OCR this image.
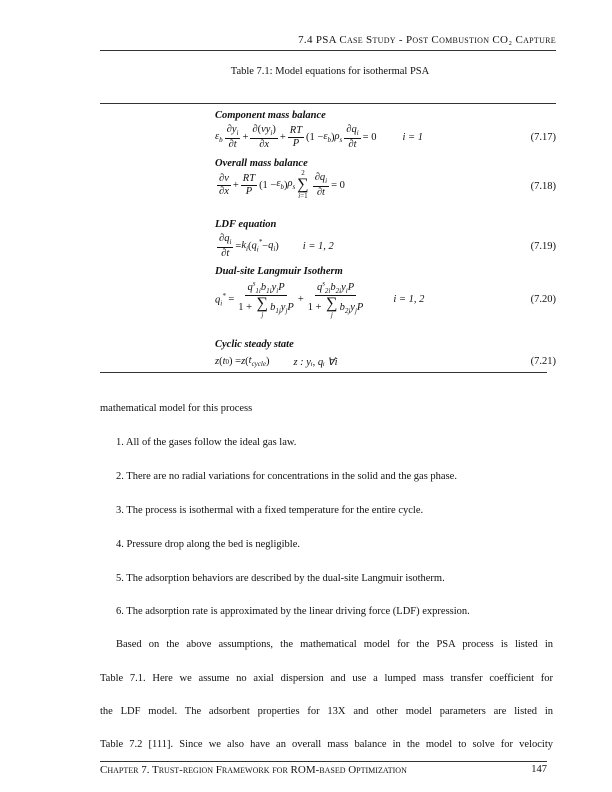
7.4 PSA Case Study - Post Combustion CO₂ Capture
Table 7.1: Model equations for isothermal PSA
Component mass balance
$\varepsilon_b \frac{\partial y_i}{\partial t} + \frac{\partial(vy_i)}{\partial x} + \frac{RT}{P} (1 - \varepsilon_b$ ) $\rho_s \frac{\partial q_i}{\partial t} = 0$ i = 1	(7.17)
Overall mass balance
$\frac{\partial v}{\partial x} + \frac{RT}{P} (1 - \varepsilon_b$ ) $\rho_s$
2
∑
$i=1 \frac{\partial q_i}{\partial t} = 0$	(7.18)
LDF equation
$\frac{\partial q_i}{\partial t} = k_i$ ( $q_i^* - q_i$ ) i = 1, 2	(7.19)
Dual-site Langmuir Isotherm
$q_i^* = q^s_{1i}b_{1i}y_iP$
1 + ∑
j
$b_{1j}y_jP + q^s_{2i}b_{2i}y_iP$
1 + ∑
j
$b_{2j}y_jP$	i = 1, 2	(7.20)
Cyclic steady state
z ( t 0 ) = z ( $t_{cycle}$ ) z : yᵢ, qᵢ ∀i	(7.21)
mathematical model for this process
1. All of the gases follow the ideal gas law.
2. There are no radial variations for concentrations in the solid and the gas phase.
3. The process is isothermal with a fixed temperature for the entire cycle.
4. Pressure drop along the bed is negligible.
5. The adsorption behaviors are described by the dual-site Langmuir isotherm.
6. The adsorption rate is approximated by the linear driving force (LDF) expression.
Based on the above assumptions, the mathematical model for the PSA process is listed in
Table 7.1. Here we assume no axial dispersion and use a lumped mass transfer coefficient for
the LDF model. The adsorbent properties for 13X and other model parameters are listed in
Table 7.2 [111]. Since we also have an overall mass balance in the model to solve for velocity
Chapter 7. Trust-region Framework for ROM-based Optimization	147
